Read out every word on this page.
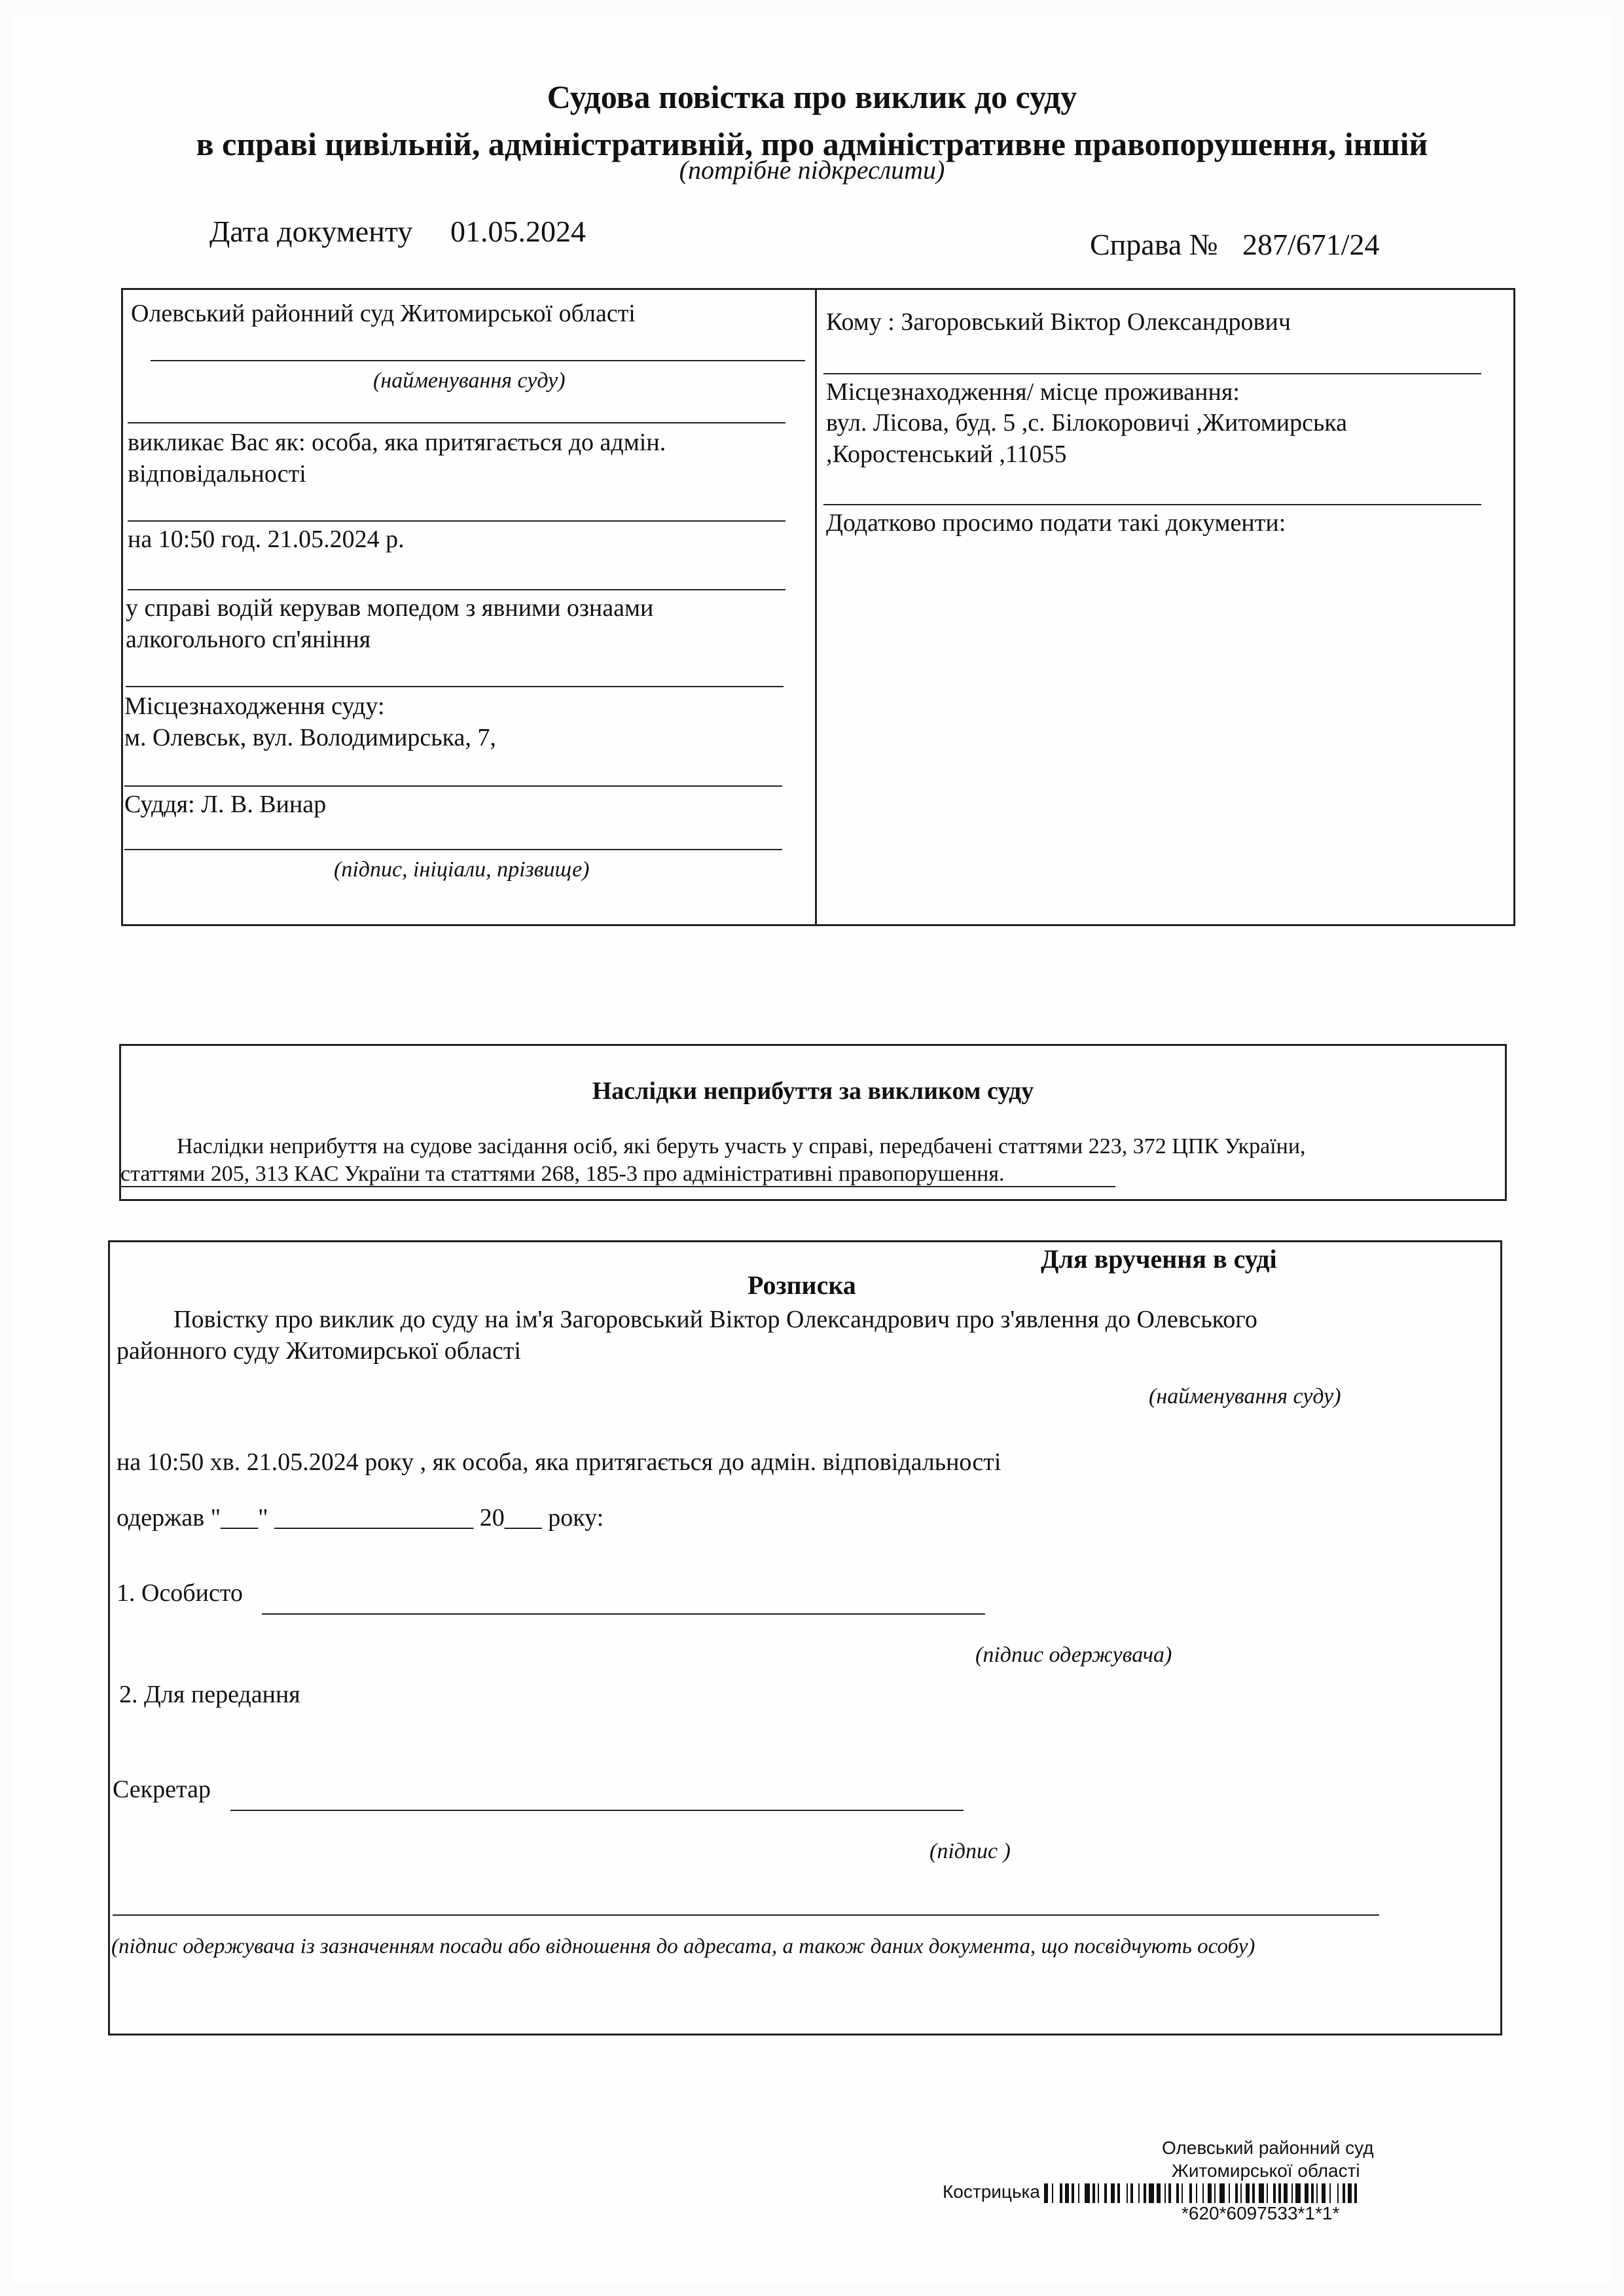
Судова повістка про виклик до суду
в справі цивільній, адміністративній, про адміністративне правопорушення, іншій
(потрібне підкреслити)
Дата документу 01.05.2024	Справа № 287/671/24
Олевський районний суд Житомирської області
(найменування суду)
викликає Вас як: особа, яка притягається до адмін.
відповідальності
на 10:50 год. 21.05.2024 р.
у справі водій керував мопедом з явними ознаами
алкогольного сп'яніння
Місцезнаходження суду:
м. Олевськ, вул. Володимирська, 7,
Суддя: Л. В. Винар
(підпис, ініціали, прізвище)
Кому : Загоровський Віктор Олександрович
Місцезнаходження/ місце проживання:
вул. Лісова, буд. 5 ,с. Білокоровичі ,Житомирська
,Коростенський ,11055
Додатково просимо подати такі документи:
Наслідки неприбуття за викликом суду
Наслідки неприбуття на судове засідання осіб, які беруть участь у справі, передбачені статтями 223, 372 ЦПК України,
статтями 205, 313 КАС України та статтями 268, 185-3 про адміністративні правопорушення.
Для вручення в суді
Розписка
Повістку про виклик до суду на ім'я Загоровський Віктор Олександрович про з'явлення до Олевського
районного суду Житомирської області
(найменування суду)
на 10:50 хв. 21.05.2024 року , як особа, яка притягається до адмін. відповідальності
одержав "___" ________________ 20___ року:
1. Особисто
(підпис одержувача)
2. Для передання
Секретар
(підпис )
(підпис одержувача із зазначенням посади або відношення до адресата, а також даних документа, що посвідчують особу)
Олевський районний суд
Житомирської області
Кострицька
*620*6097533*1*1*
